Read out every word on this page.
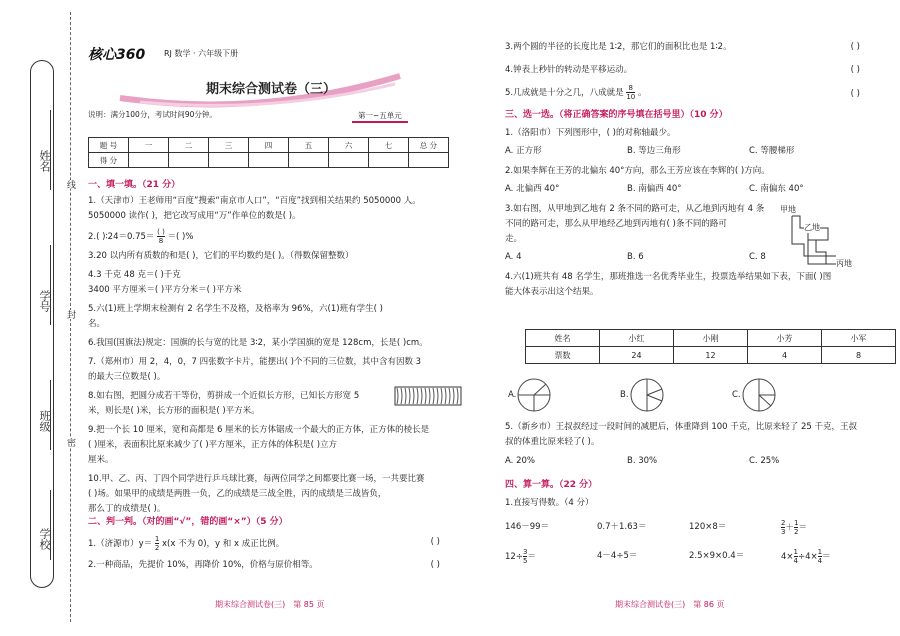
姓名
学号
班级
学校
线
封
密
核心360 RJ 数学 · 六年级下册
期末综合测试卷（三）
说明：满分100分，考试时间90分钟。	第一~五单元
题 号	一	二	三	四	五	六	七	总 分
得 分								
一、填一填。（21 分）
1.（天津市）王老师用“百度”搜索“南京市人口”，“百度”找到相关结果约 5050000 人。
5050000 读作( )，把它改写成用“万”作单位的数是( )。
2.( )∶24＝0.75＝ $\frac{( )}{8}$ ＝( )%
3.20 以内所有质数的和是( )，它们的平均数约是( )。（得数保留整数）
4.3 千克 48 克＝( )千克
3400 平方厘米＝( )平方分米＝( )平方米
5.六(1)班上学期末检测有 2 名学生不及格，及格率为 96%，六(1)班有学生( )
名。
6.我国(国旗法)规定：国旗的长与宽的比是 3∶2，某小学国旗的宽是 128cm，长是( )cm。
7.（郑州市）用 2，4，0，7 四张数字卡片，能摆出( )个不同的三位数，其中含有因数 3
的最大三位数是( )。
8.如右图，把圆分成若干等份，剪拼成一个近似长方形，已知长方形宽 5
米，则长是( )米，长方形的面积是( )平方米。
9.把一个长 10 厘米，宽和高都是 6 厘米的长方体锯成一个最大的正方体，正方体的棱长是
( )厘米，表面积比原来减少了( )平方厘米，正方体的体积是( )立方
厘米。
10.甲、乙、丙、丁四个同学进行乒乓球比赛，每两位同学之间都要比赛一场，一共要比赛
( )场。如果甲的成绩是两胜一负，乙的成绩是三战全胜，丙的成绩是三战皆负，
那么丁的成绩是( )。
二、判一判。（对的画“√”，错的画“×”）（5 分）
1.（济源市）$y= \frac{1}{2} x(x$ 不为 0)，y 和 x 成正比例。	( )
2.一种商品，先提价 10%，再降价 10%，价格与原价相等。	( )
期末综合测试卷(三)　第 85 页
3.两个圆的半径的长度比是 1∶2，那它们的面积比也是 1∶2。	( )
4.钟表上秒针的转动是平移运动。	( )
5.几成就是十分之几，八成就是 $\frac{8}{10}$ 。	( )
三、选一选。（将正确答案的序号填在括号里）（10 分）
1.（洛阳市）下列图形中，( )的对称轴最少。
A. 正方形	B. 等边三角形	C. 等腰梯形
2.如果李辉在王芳的北偏东 40°方向，那么王芳应该在李辉的( )方向。
A. 北偏西 40°	B. 南偏西 40°	C. 南偏东 40°
3.如右图，从甲地到乙地有 2 条不同的路可走，从乙地到丙地有 4 条
不同的路可走，那么从甲地经乙地到丙地有( )条不同的路可
走。
A. 4	B. 6	C. 8
4.六(1)班共有 48 名学生，那班推选一名优秀毕业生，投票选举结果如下表，下面( )图
能大体表示出这个结果。
甲地
乙地
丙地
姓名	小红	小刚	小芳	小军
票数	24	12	4	8
A.	B.	C.
5.（新乡市）王叔叔经过一段时间的减肥后，体重降到 100 千克，比原来轻了 25 千克，王叔
叔的体重比原来轻了( )。
A. 20%	B. 30%	C. 25%
四、算一算。（22 分）
1.直接写得数。（4 分）
146－99＝	0.7＋1.63＝	120×8＝	$\frac{2}{3} + \frac{1}{2}$ ＝
$12\div \frac{3}{5}$ ＝	4－4÷5＝	2.5×9×0.4＝	$4\times \frac{1}{4} \div 4\times \frac{1}{4}$ ＝
期末综合测试卷(三)　第 86 页
